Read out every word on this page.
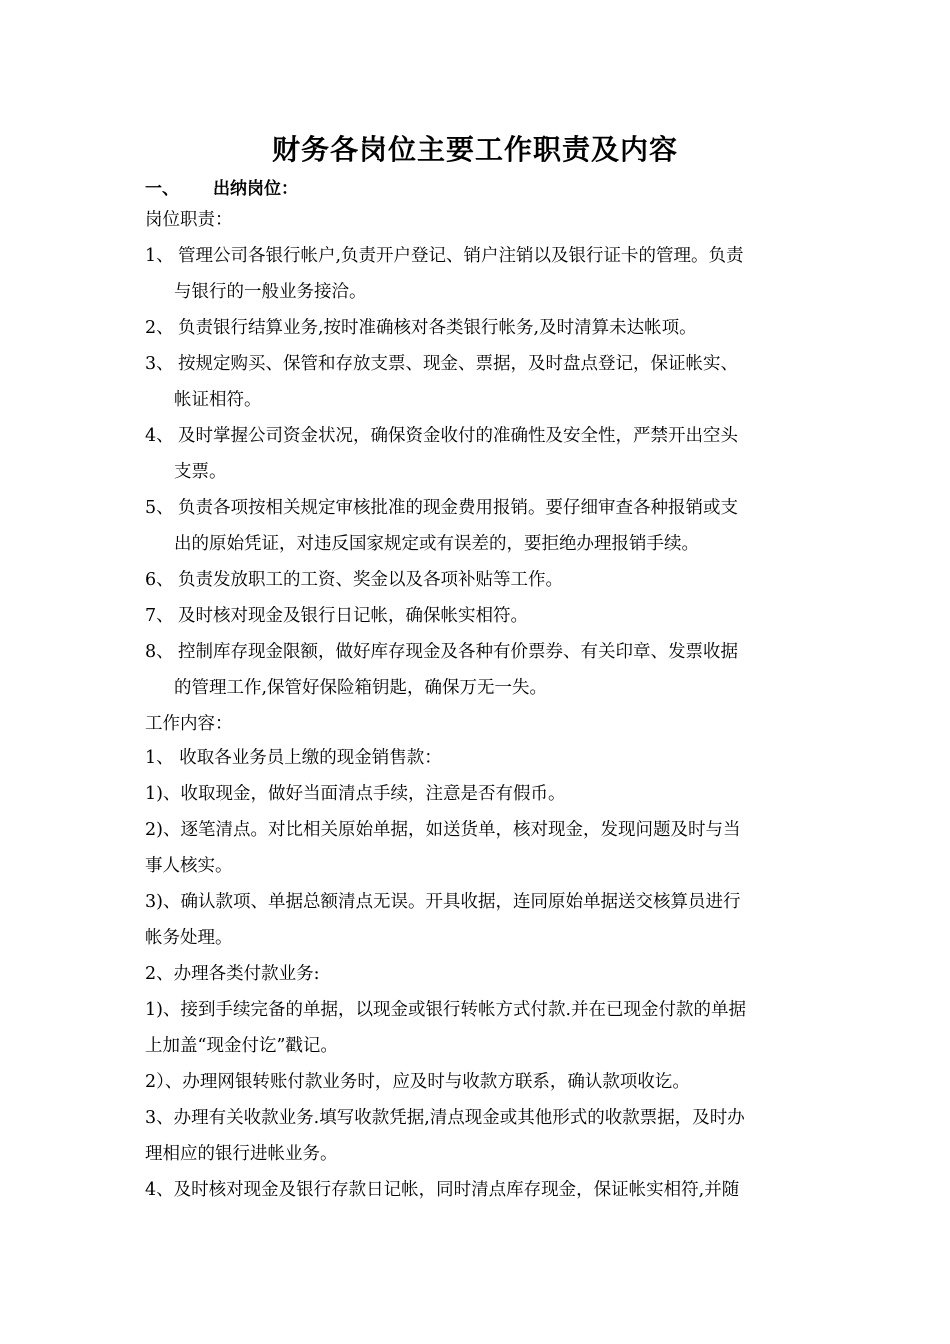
财务各岗位主要工作职责及内容
一、 出纳岗位：
岗位职责：
1、 管理公司各银行帐户,负责开户登记、销户注销以及银行证卡的管理。负责
与银行的一般业务接洽。
2、 负责银行结算业务,按时准确核对各类银行帐务,及时清算未达帐项。
3、 按规定购买、保管和存放支票、现金、票据，及时盘点登记，保证帐实、
帐证相符。
4、 及时掌握公司资金状况，确保资金收付的准确性及安全性，严禁开出空头
支票。
5、 负责各项按相关规定审核批准的现金费用报销。要仔细审查各种报销或支
出的原始凭证，对违反国家规定或有误差的，要拒绝办理报销手续。
6、 负责发放职工的工资、奖金以及各项补贴等工作。
7、 及时核对现金及银行日记帐，确保帐实相符。
8、 控制库存现金限额，做好库存现金及各种有价票券、有关印章、发票收据
的管理工作,保管好保险箱钥匙，确保万无一失。
工作内容：
1、 收取各业务员上缴的现金销售款：
1)、收取现金，做好当面清点手续，注意是否有假币。
2)、逐笔清点。对比相关原始单据，如送货单，核对现金，发现问题及时与当
事人核实。
3)、确认款项、单据总额清点无误。开具收据，连同原始单据送交核算员进行
帐务处理。
2、办理各类付款业务:
1)、接到手续完备的单据，以现金或银行转帐方式付款.并在已现金付款的单据
上加盖“现金付讫”戳记。
2）、办理网银转账付款业务时，应及时与收款方联系，确认款项收讫。
3、办理有关收款业务.填写收款凭据,清点现金或其他形式的收款票据，及时办
理相应的银行进帐业务。
4、及时核对现金及银行存款日记帐，同时清点库存现金，保证帐实相符,并随
